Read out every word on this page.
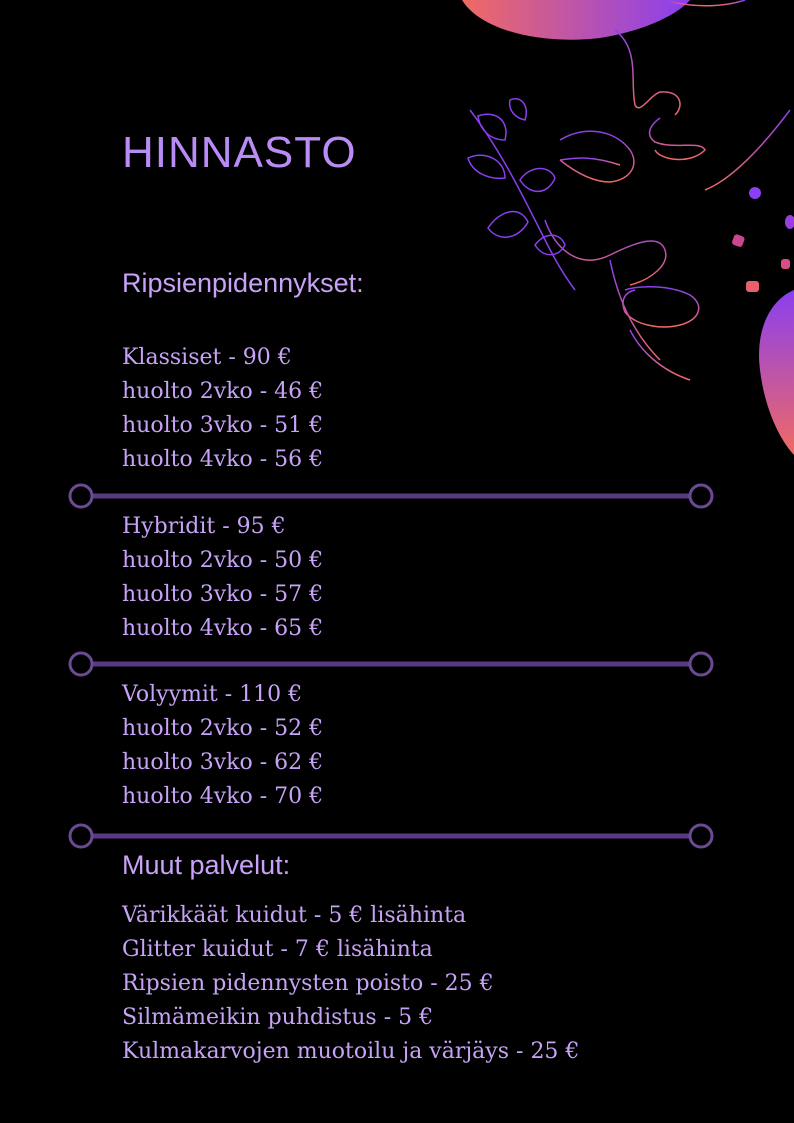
HINNASTO
Ripsienpidennykset:
Klassiset - 90 €
huolto 2vko - 46 €
huolto 3vko - 51 €
huolto 4vko - 56 €
Hybridit - 95 €
huolto 2vko - 50 €
huolto 3vko - 57 €
huolto 4vko - 65 €
Volyymit - 110 €
huolto 2vko - 52 €
huolto 3vko - 62 €
huolto 4vko - 70 €
Muut palvelut:
Värikkäät kuidut - 5 € lisähinta
Glitter kuidut - 7 € lisähinta
Ripsien pidennysten poisto - 25 €
Silmämeikin puhdistus - 5 €
Kulmakarvojen muotoilu ja värjäys - 25 €
